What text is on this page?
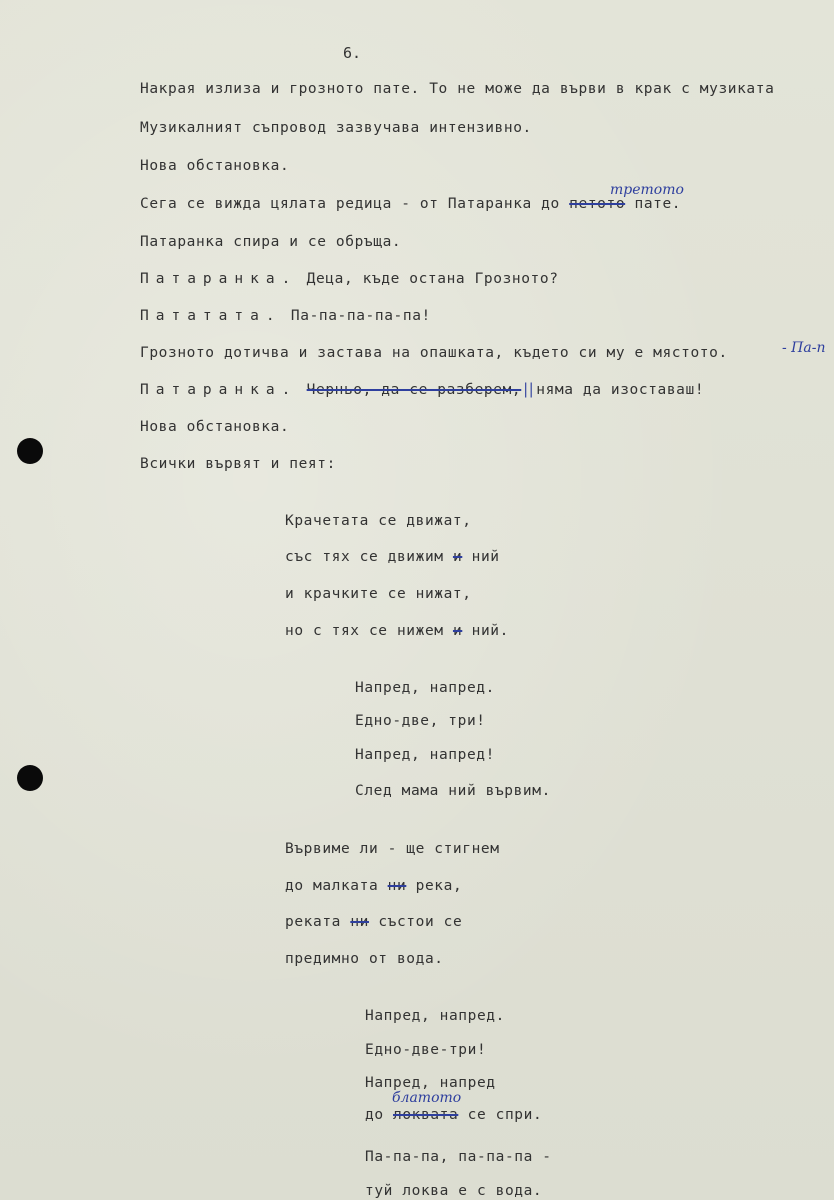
6.
Накрая излиза и грозното пате. То не може да върви в крак с музиката
Музикалният съпровод зазвучава интензивно.
Нова обстановка.
третото
Сега се вижда цялата редица - от Патаранка до петото пате.
Патаранка спира и се обръща.
Патаранка. Деца, къде остана Грозното?
Пататата. Па-па-па-па-па!
Грозното дотичва и застава на опашката, където си му е мястото.	- Па-п
Патаранка. Черньо, да се разберем, || няма да изоставаш!
Нова обстановка.
Всички вървят и пеят:
Крачетата се движат,
със тях се движим и ний
и крачките се нижат,
но с тях се нижем и ний.
Напред, напред.
Едно-две, три!
Напред, напред!
След мама ний вървим.
Вървиме ли - ще стигнем
до малката ни река,
реката ни състои се
предимно от вода.
Напред, напред.
Едно-две-три!
Напред, напред
блатото
до локвата се спри.
Па-па-па, па-па-па -
туй локва е с вода.
